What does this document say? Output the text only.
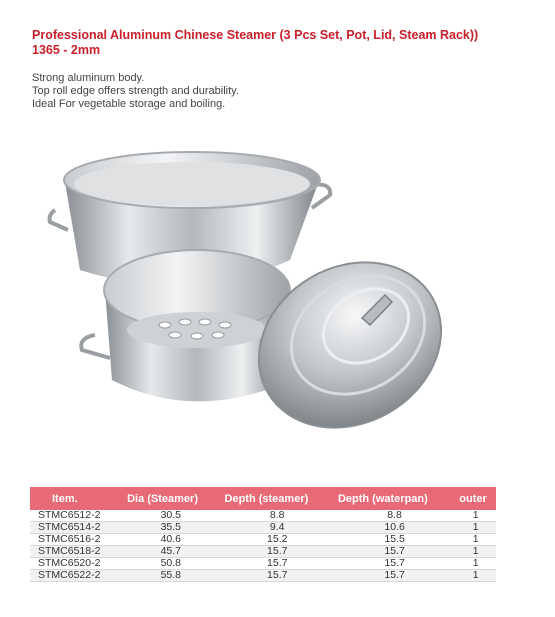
Professional Aluminum Chinese Steamer (3 Pcs Set, Pot, Lid, Steam Rack))
1365 - 2mm
Strong aluminum body.
Top roll edge offers strength and durability.
Ideal For vegetable storage and boiling.
Item.	Dia (Steamer)	Depth (steamer)	Depth (waterpan)	outer
STMC6512-2	30.5	8.8	8.8	1
STMC6514-2	35.5	9.4	10.6	1
STMC6516-2	40.6	15.2	15.5	1
STMC6518-2	45.7	15.7	15.7	1
STMC6520-2	50.8	15.7	15.7	1
STMC6522-2	55.8	15.7	15.7	1
